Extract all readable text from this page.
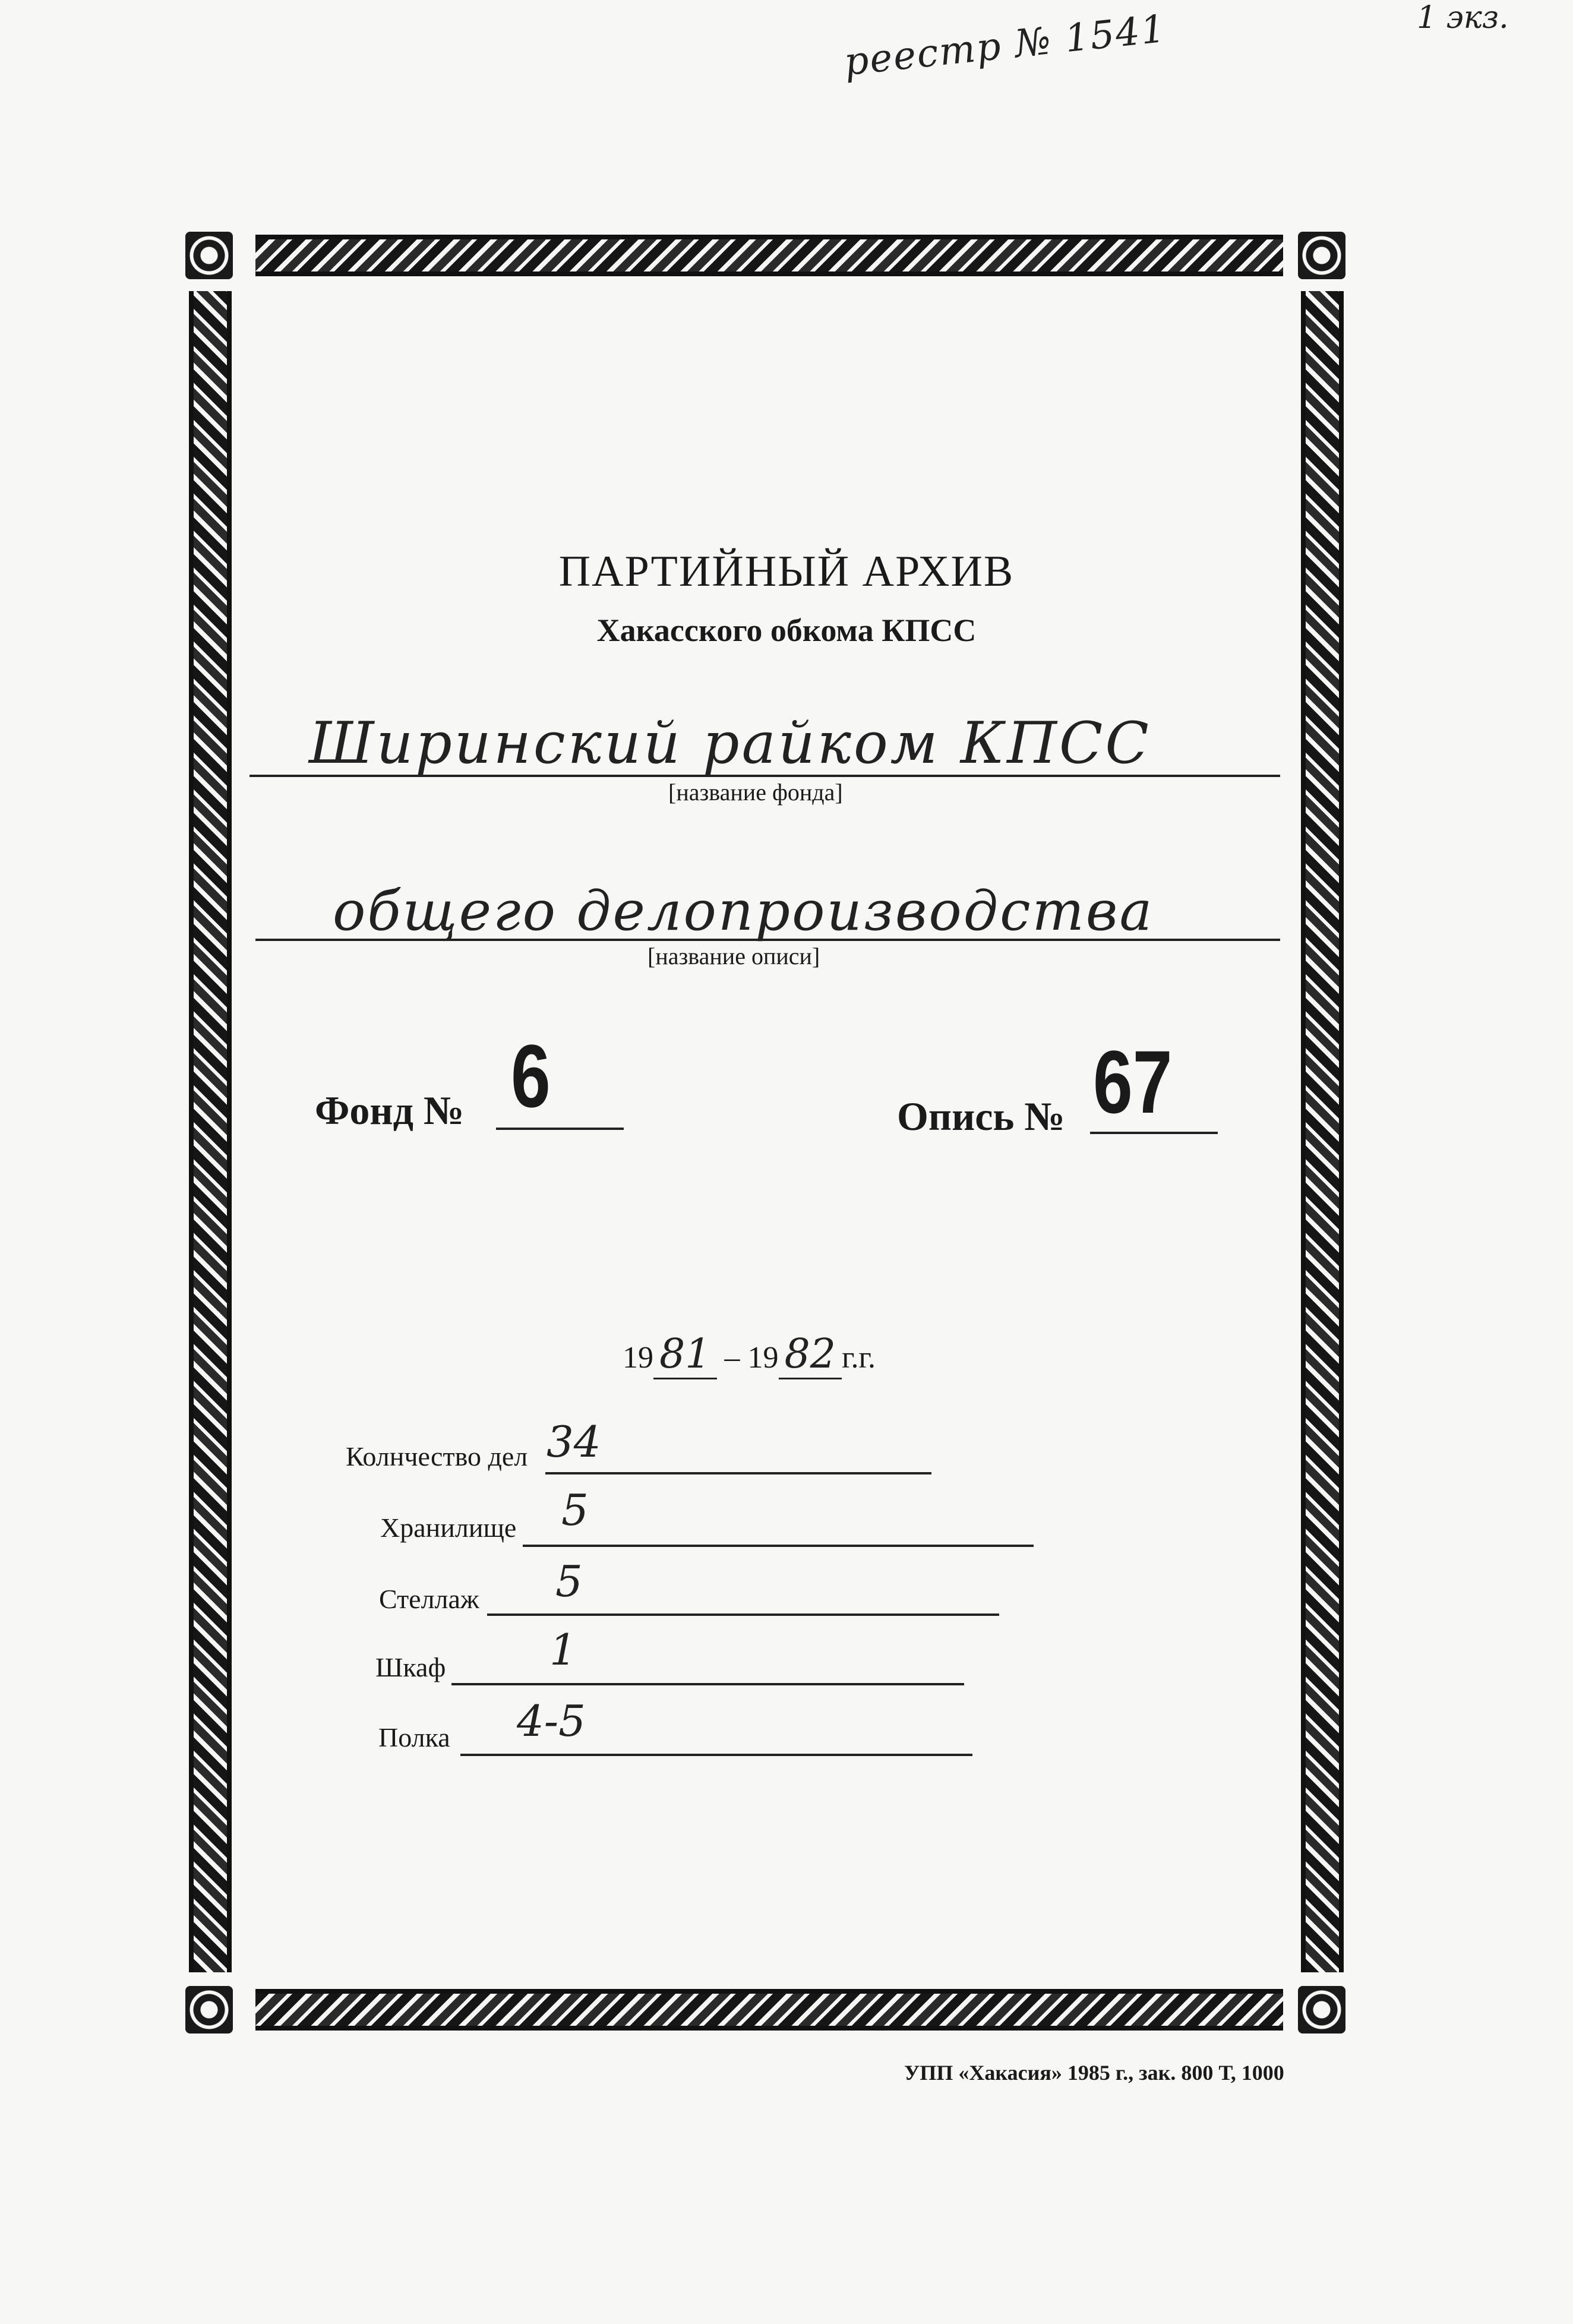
реестр № 1541	1 экз.
ПАРТИЙНЫЙ АРХИВ
Хакасского обкома КПСС
Ширинский райком КПСС
[название фонда]
общего делопроизводства
[название описи]
Фонд № 6	Опись № 67
19 81 – 19 82 г.г.
Колнчество дел 34
Хранилище 5
Стеллаж 5
Шкаф 1
Полка 4-5
УПП «Хакасия» 1985 г., зак. 800 Т, 1000
